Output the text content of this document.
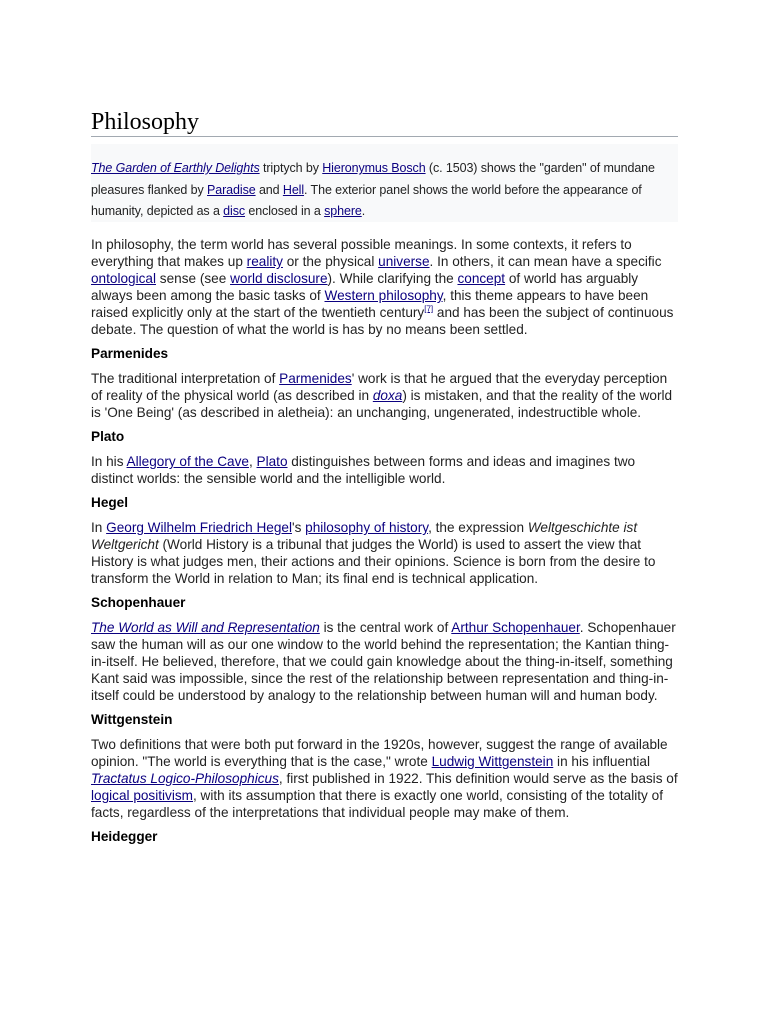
Philosophy
The Garden of Earthly Delights triptych by Hieronymus Bosch (c. 1503) shows the "garden" of mundane pleasures flanked by Paradise and Hell. The exterior panel shows the world before the appearance of humanity, depicted as a disc enclosed in a sphere.

In philosophy, the term world has several possible meanings. In some contexts, it refers to everything that makes up reality or the physical universe. In others, it can mean have a specific ontological sense (see world disclosure). While clarifying the concept of world has arguably always been among the basic tasks of Western philosophy, this theme appears to have been raised explicitly only at the start of the twentieth century[7] and has been the subject of continuous debate. The question of what the world is has by no means been settled.

Parmenides

The traditional interpretation of Parmenides' work is that he argued that the everyday perception of reality of the physical world (as described in doxa) is mistaken, and that the reality of the world is 'One Being' (as described in aletheia): an unchanging, ungenerated, indestructible whole.

Plato

In his Allegory of the Cave, Plato distinguishes between forms and ideas and imagines two distinct worlds: the sensible world and the intelligible world.

Hegel

In Georg Wilhelm Friedrich Hegel's philosophy of history, the expression Weltgeschichte ist Weltgericht (World History is a tribunal that judges the World) is used to assert the view that History is what judges men, their actions and their opinions. Science is born from the desire to transform the World in relation to Man; its final end is technical application.

Schopenhauer

The World as Will and Representation is the central work of Arthur Schopenhauer. Schopenhauer saw the human will as our one window to the world behind the representation; the Kantian thing-in-itself. He believed, therefore, that we could gain knowledge about the thing-in-itself, something Kant said was impossible, since the rest of the relationship between representation and thing-in-itself could be understood by analogy to the relationship between human will and human body.

Wittgenstein

Two definitions that were both put forward in the 1920s, however, suggest the range of available opinion. "The world is everything that is the case," wrote Ludwig Wittgenstein in his influential Tractatus Logico-Philosophicus, first published in 1922. This definition would serve as the basis of logical positivism, with its assumption that there is exactly one world, consisting of the totality of facts, regardless of the interpretations that individual people may make of them.

Heidegger
